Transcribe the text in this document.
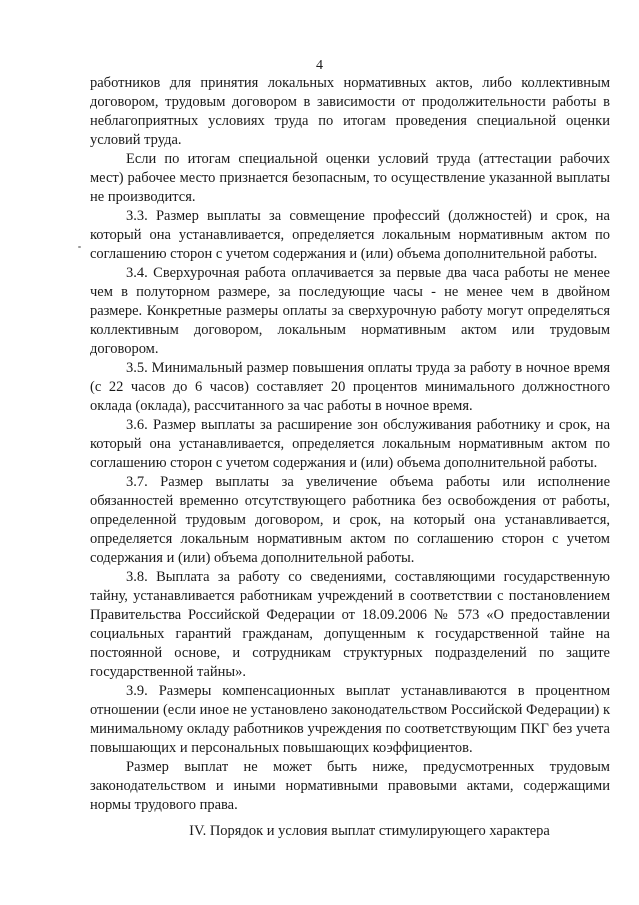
4

работников для принятия локальных нормативных актов, либо коллективным договором, трудовым договором в зависимости от продолжительности работы в неблагоприятных условиях труда по итогам проведения специальной оценки условий труда.

Если по итогам специальной оценки условий труда (аттестации рабочих мест) рабочее место признается безопасным, то осуществление указанной выплаты не производится.

3.3. Размер выплаты за совмещение профессий (должностей) и срок, на который она устанавливается, определяется локальным нормативным актом по соглашению сторон с учетом содержания и (или) объема дополнительной работы.

3.4. Сверхурочная работа оплачивается за первые два часа работы не менее чем в полуторном размере, за последующие часы - не менее чем в двойном размере. Конкретные размеры оплаты за сверхурочную работу могут определяться коллективным договором, локальным нормативным актом или трудовым договором.

3.5. Минимальный размер повышения оплаты труда за работу в ночное время (с 22 часов до 6 часов) составляет 20 процентов минимального должностного оклада (оклада), рассчитанного за час работы в ночное время.

3.6. Размер выплаты за расширение зон обслуживания работнику и срок, на который она устанавливается, определяется локальным нормативным актом по соглашению сторон с учетом содержания и (или) объема дополнительной работы.

3.7. Размер выплаты за увеличение объема работы или исполнение обязанностей временно отсутствующего работника без освобождения от работы, определенной трудовым договором, и срок, на который она устанавливается, определяется локальным нормативным актом по соглашению сторон с учетом содержания и (или) объема дополнительной работы.

3.8. Выплата за работу со сведениями, составляющими государственную тайну, устанавливается работникам учреждений в соответствии с постановлением Правительства Российской Федерации от 18.09.2006 № 573 «О предоставлении социальных гарантий гражданам, допущенным к государственной тайне на постоянной основе, и сотрудникам структурных подразделений по защите государственной тайны».

3.9. Размеры компенсационных выплат устанавливаются в процентном отношении (если иное не установлено законодательством Российской Федерации) к минимальному окладу работников учреждения по соответствующим ПКГ без учета повышающих и персональных повышающих коэффициентов.

Размер выплат не может быть ниже, предусмотренных трудовым законодательством и иными нормативными правовыми актами, содержащими нормы трудового права.

IV. Порядок и условия выплат стимулирующего характера
